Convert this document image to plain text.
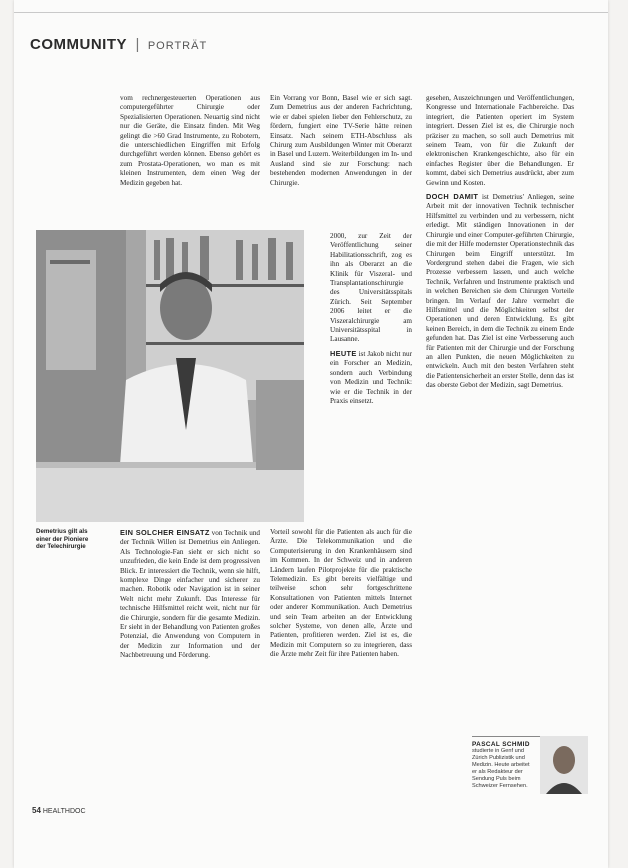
COMMUNITY | PORTRÄT

vom rechnergesteuerten Operationen aus computergeführter Chirurgie oder Spezialisierten Operationen. Neuartig sind nicht nur die Geräte, die Einsatz finden. Mit Weg gelingt die >60 Grad Instrumente, zu Robotern, die unterschiedlichen Eingriffen mit Erfolg durchgeführt werden können. Ebenso gehört es zum Prostata-Operationen, wo man es mit kleinen Instrumenten, dem einen Weg der Medizin gegeben hat.

Ein Vorrang vor Bonn, Basel wie er sich sagt. Zum Demetrius aus der anderen Fachrichtung, wie er dabei spielen lieber den Fehlerschutz, zu fördern, fungiert eine TV-Serie hätte reinen Einsatz. Nach seinem ETH-Abschluss als Chirurg zum Ausbildungen Winter mit Oberarzt in Basel und Luzern. Weiterbildungen im In- und Ausland sind sie zur Forschung: nach bestehenden modernen Anwendungen in der Chirurgie.

2000, zur Zeit der Veröffentlichung seiner Habilitationsschrift, zog es ihn als Oberarzt an die Klinik für Viszeral- und Transplantationschirurgie des Universitätsspitals Zürich. Seit September 2006 leitet er die Viszeralchirurgie am Universitätsspital in Lausanne.

HEUTE ist Jakob nicht nur ein Forscher an Medizin, sondern auch Verbindung von Medizin und Technik: wie er die Technik in der Praxis einsetzt.

gesehen, Auszeichnungen und Veröffentlichungen, Kongresse und Internationale Fachbereiche. Das integriert, die Patienten operiert im System integriert. Dessen Ziel ist es, die Chirurgie noch präziser zu machen, so soll auch Demetrius mit seinem Team, von für die Zukunft der elektronischen Krankengeschichte, also für ein einfaches Register über die Behandlungen. Er kommt, dabei sich Demetrius ausdrückt, aber zum Gewinn und Kosten.

DOCH DAMIT ist Demetrius' Anliegen, seine Arbeit mit der innovativen Technik technischer Hilfsmittel zu verbinden und zu verbessern, nicht erledigt. Mit ständigen Innovationen in der Chirurgie und einer Computer-geführten Chirurgie, die mit der Hilfe modernster Operationstechnik das Chirurgen beim Eingriff unterstützt. Im Vordergrund stehen dabei die Fragen, wie sich Prozesse verbessern lassen, und auch welche Technik, Verfahren und Instrumente praktisch und in welchen Bereichen sie dem Chirurgen Vorteile bringen. Im Verlauf der Jahre vermehrt die Hilfsmittel und die Möglichkeiten selbst der Operationen und deren Entwicklung. Es gibt keinen Bereich, in dem die Technik zu einem Ende gefunden hat. Das Ziel ist eine Verbesserung auch für Patienten mit der Chirurgie und der Forschung an allen Punkten, die neuen Möglichkeiten zu entwickeln. Auch mit den besten Verfahren steht die Patientensicherheit an erster Stelle, denn das ist das oberste Gebot der Medizin, sagt Demetrius.

Demetrius gilt als einer der Pioniere der Telechirurgie

EIN SOLCHER EINSATZ von Technik und der Technik Willen ist Demetrius ein Anliegen. Als Technologie-Fan sieht er sich nicht so unzufrieden, die kein Ende ist dem progressiven Blick. Er interessiert die Technik, wenn sie hilft, komplexe Dinge einfacher und sicherer zu machen. Robotik oder Navigation ist in seiner Welt nicht mehr Zukunft. Das Interesse für technische Hilfsmittel reicht weit, nicht nur für die Chirurgie, sondern für die gesamte Medizin. Er sieht in der Behandlung von Patienten großes Potenzial, die Anwendung von Computern in der Medizin zur Information und der Nachbetreuung und Förderung.

Vorteil sowohl für die Patienten als auch für die Ärzte. Die Telekommunikation und die Computerisierung in den Krankenhäusern sind im Kommen. In der Schweiz und in anderen Ländern laufen Pilotprojekte für die praktische Telemedizin. Es gibt bereits vielfältige und teilweise schon sehr fortgeschrittene Konsultationen von Patienten mittels Internet oder anderer Kommunikation. Auch Demetrius und sein Team arbeiten an der Entwicklung solcher Systeme, von denen alle, Ärzte und Patienten, profitieren werden. Ziel ist es, die Medizin mit Computern so zu integrieren, dass die Ärzte mehr Zeit für ihre Patienten haben.

PASCAL SCHMID
studierte in Genf und Zürich Publizistik und Medizin. Heute arbeitet er als Redakteur der Sendung Puls beim Schweizer Fernsehen.
54 HEALTHDOC
